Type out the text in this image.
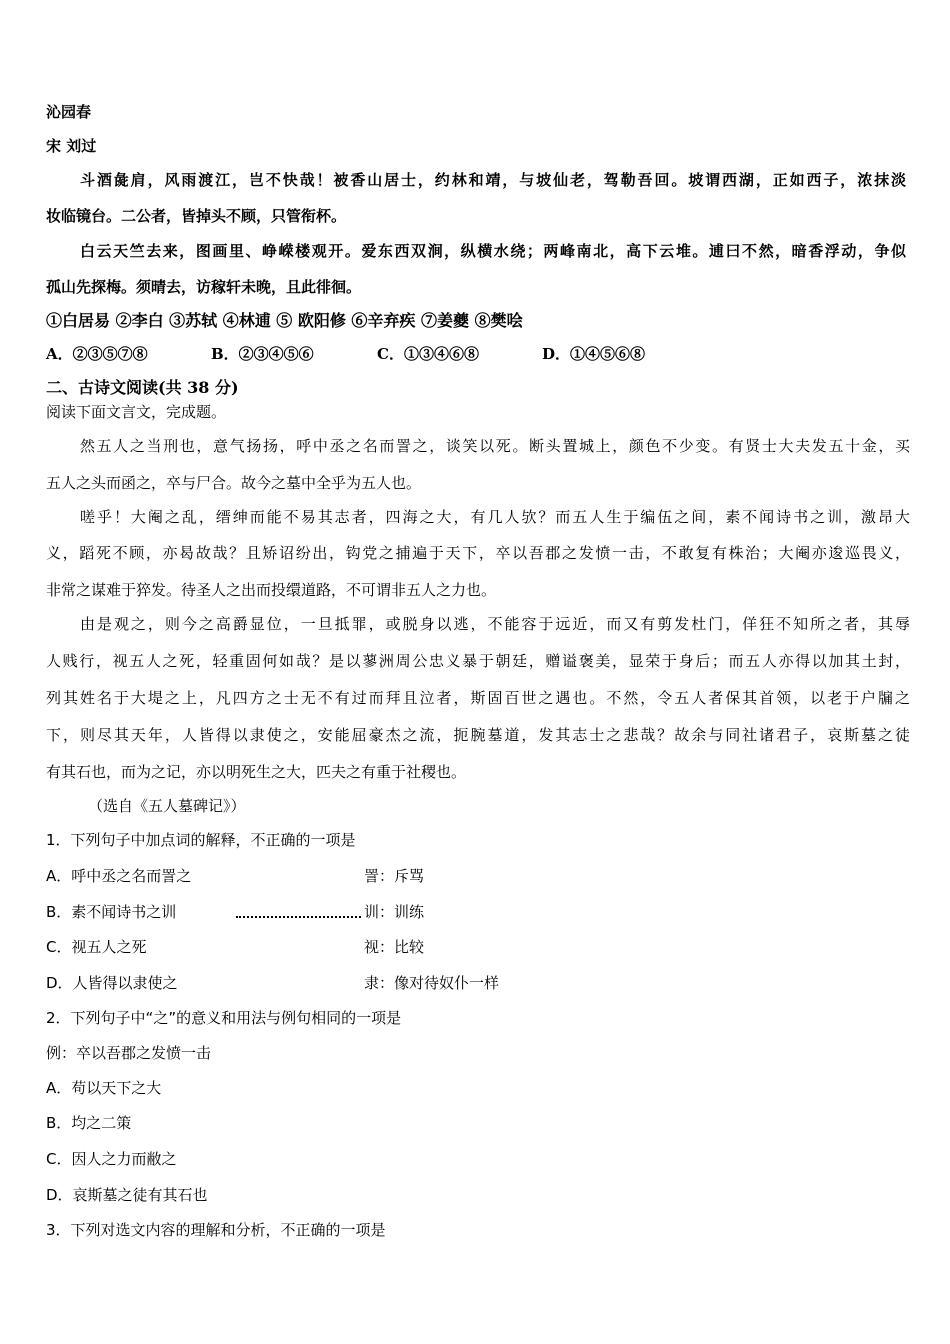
沁园春
宋 刘过
斗酒彘肩，风雨渡江，岂不快哉！被香山居士，约林和靖，与坡仙老，驾勒吾回。坡谓西湖，正如西子，浓抹淡
妆临镜台。二公者，皆掉头不顾，只管衔杯。
白云天竺去来，图画里、峥嵘楼观开。爱东西双涧，纵横水绕；两峰南北，高下云堆。逋曰不然，暗香浮动，争似
孤山先探梅。须晴去，访稼轩未晚，且此徘徊。
①白居易 ②李白 ③苏轼 ④林逋 ⑤ 欧阳修 ⑥辛弃疾 ⑦姜夔 ⑧樊哙
A．②③⑤⑦⑧	B．②③④⑤⑥	C．①③④⑥⑧	D．①④⑤⑥⑧
二、古诗文阅读(共 38 分)
阅读下面文言文，完成题。
然五人之当刑也，意气扬扬，呼中丞之名而詈之，谈笑以死。断头置城上，颜色不少变。有贤士大夫发五十金，买
五人之头而函之，卒与尸合。故今之墓中全乎为五人也。
嗟乎！大阉之乱，缙绅而能不易其志者，四海之大，有几人欤？而五人生于编伍之间，素不闻诗书之训，激昂大
义，蹈死不顾，亦曷故哉？且矫诏纷出，钩党之捕遍于天下，卒以吾郡之发愤一击，不敢复有株治；大阉亦逡巡畏义，
非常之谋难于猝发。待圣人之出而投缳道路，不可谓非五人之力也。
由是观之，则今之高爵显位，一旦抵罪，或脱身以逃，不能容于远近，而又有剪发杜门，佯狂不知所之者，其辱
人贱行，视五人之死，轻重固何如哉？是以蓼洲周公忠义暴于朝廷，赠谥褒美，显荣于身后；而五人亦得以加其土封，
列其姓名于大堤之上，凡四方之士无不有过而拜且泣者，斯固百世之遇也。不然，令五人者保其首领，以老于户牖之
下，则尽其天年，人皆得以隶使之，安能屈豪杰之流，扼腕墓道，发其志士之悲哉？故余与同社诸君子，哀斯墓之徒
有其石也，而为之记，亦以明死生之大，匹夫之有重于社稷也。
（选自《五人墓碑记》）
1．下列句子中加点词的解释，不正确的一项是
A．呼中丞之名而詈之	詈：斥骂
B．素不闻诗书之训	训：训练
C．视五人之死	视：比较
D．人皆得以隶使之	隶：像对待奴仆一样
2．下列句子中“之”的意义和用法与例句相同的一项是
例：卒以吾郡之发愤一击
A．苟以天下之大
B．均之二策
C．因人之力而敝之
D．哀斯墓之徒有其石也
3．下列对选文内容的理解和分析，不正确的一项是
